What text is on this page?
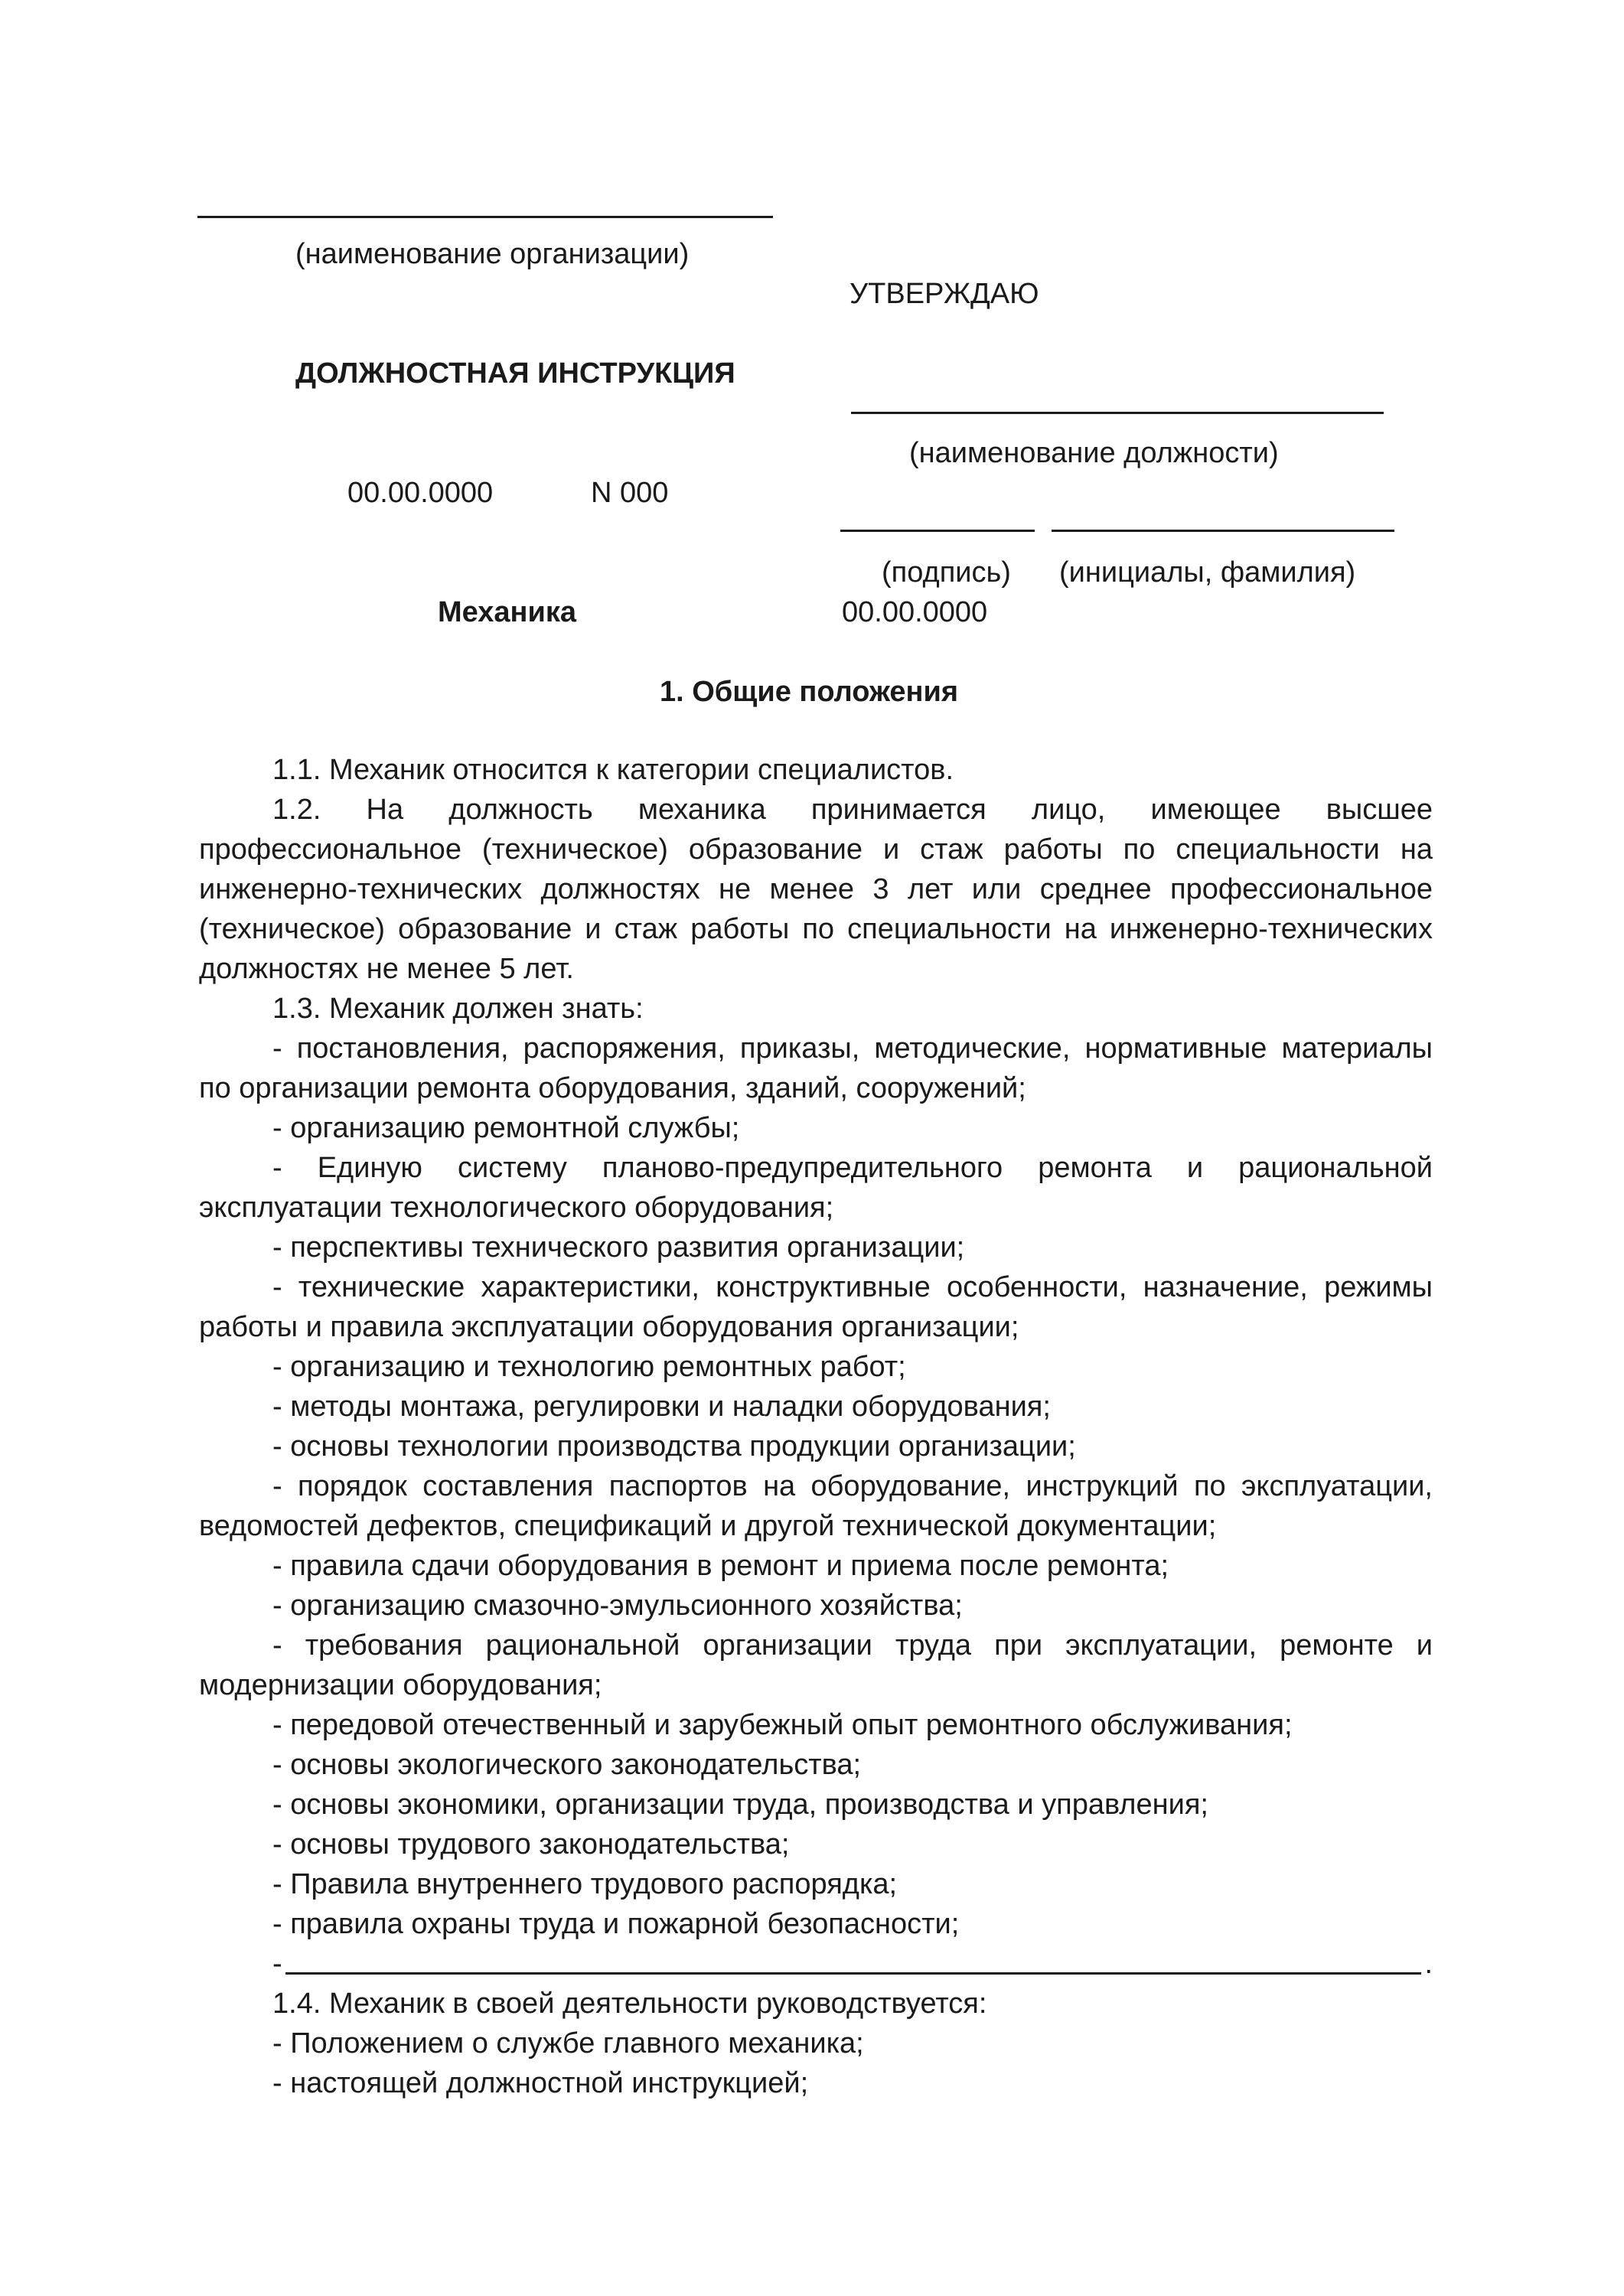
(наименование организации)
УТВЕРЖДАЮ
ДОЛЖНОСТНАЯ ИНСТРУКЦИЯ
(наименование должности)
00.00.0000	N 000
(подпись) (инициалы, фамилия)
Механика	00.00.0000
1. Общие положения

1.1. Механик относится к категории специалистов.

1.2. На должность механика принимается лицо, имеющее высшее профессиональное (техническое) образование и стаж работы по специальности на инженерно-технических должностях не менее 3 лет или среднее профессиональное (техническое) образование и стаж работы по специальности на инженерно-технических должностях не менее 5 лет.

1.3. Механик должен знать:

- постановления, распоряжения, приказы, методические, нормативные материалы по организации ремонта оборудования, зданий, сооружений;

- организацию ремонтной службы;

- Единую систему планово-предупредительного ремонта и рациональной эксплуатации технологического оборудования;

- перспективы технического развития организации;

- технические характеристики, конструктивные особенности, назначение, режимы работы и правила эксплуатации оборудования организации;

- организацию и технологию ремонтных работ;

- методы монтажа, регулировки и наладки оборудования;

- основы технологии производства продукции организации;

- порядок составления паспортов на оборудование, инструкций по эксплуатации, ведомостей дефектов, спецификаций и другой технической документации;

- правила сдачи оборудования в ремонт и приема после ремонта;

- организацию смазочно-эмульсионного хозяйства;

- требования рациональной организации труда при эксплуатации, ремонте и модернизации оборудования;

- передовой отечественный и зарубежный опыт ремонтного обслуживания;

- основы экологического законодательства;

- основы экономики, организации труда, производства и управления;

- основы трудового законодательства;

- Правила внутреннего трудового распорядка;

- правила охраны труда и пожарной безопасности;

-	.

1.4. Механик в своей деятельности руководствуется:

- Положением о службе главного механика;

- настоящей должностной инструкцией;
